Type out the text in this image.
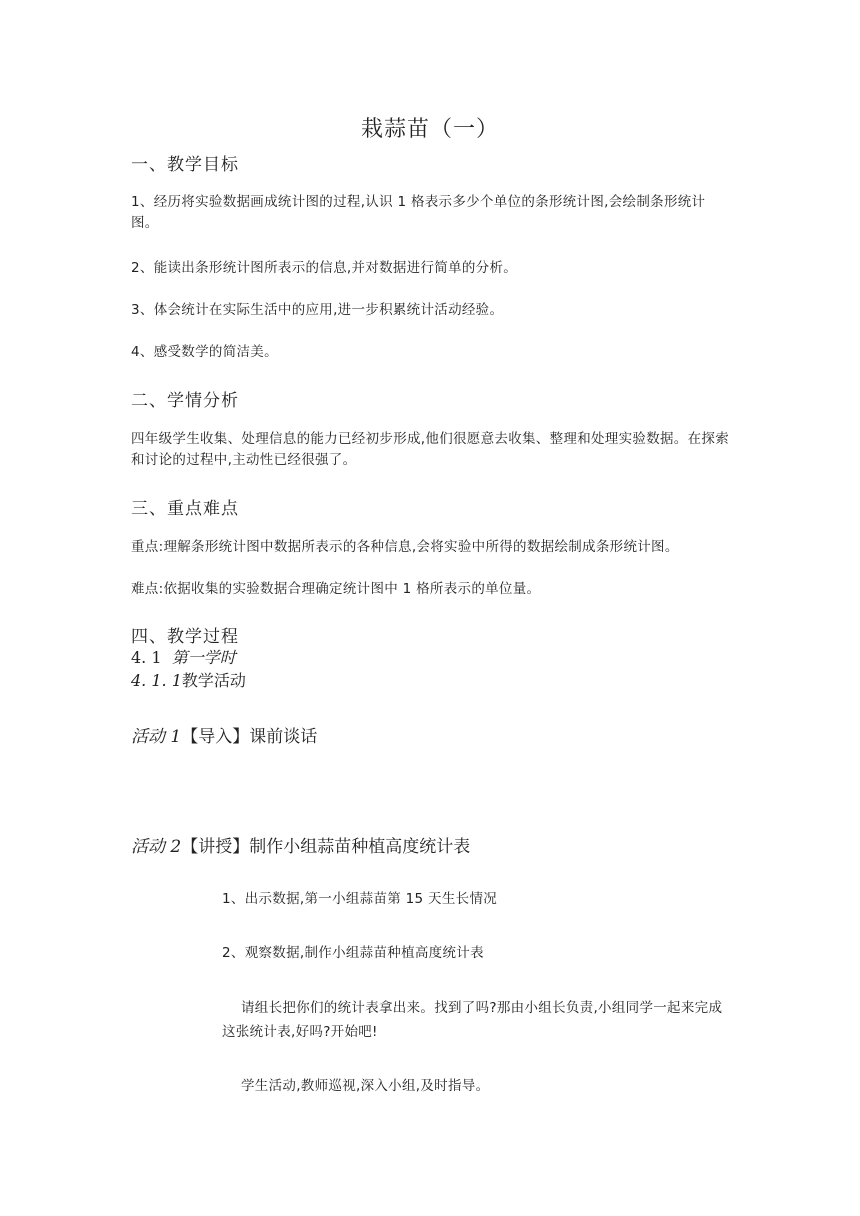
栽蒜苗（一）
一、教学目标
1、经历将实验数据画成统计图的过程,认识 1 格表示多少个单位的条形统计图,会绘制条形统计图。
2、能读出条形统计图所表示的信息,并对数据进行简单的分析。
3、体会统计在实际生活中的应用,进一步积累统计活动经验。
4、感受数学的简洁美。
二、学情分析
四年级学生收集、处理信息的能力已经初步形成,他们很愿意去收集、整理和处理实验数据。在探索和讨论的过程中,主动性已经很强了。
三、重点难点
重点:理解条形统计图中数据所表示的各种信息,会将实验中所得的数据绘制成条形统计图。
难点:依据收集的实验数据合理确定统计图中 1 格所表示的单位量。
四、教学过程
4. 1 第一学时
4. 1. 1教学活动
活动 1【导入】课前谈话
活动 2【讲授】制作小组蒜苗种植高度统计表
1、出示数据,第一小组蒜苗第 15 天生长情况
2、观察数据,制作小组蒜苗种植高度统计表
请组长把你们的统计表拿出来。找到了吗?那由小组长负责,小组同学一起来完成这张统计表,好吗?开始吧!
学生活动,教师巡视,深入小组,及时指导。
